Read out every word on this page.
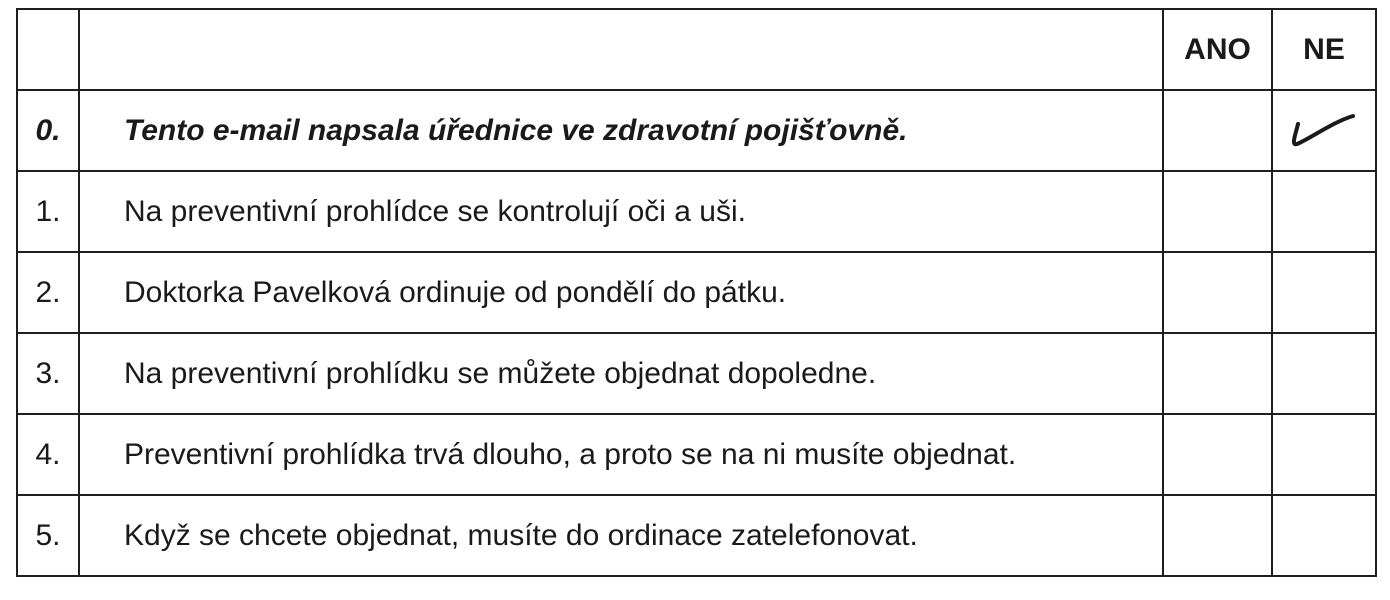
		ANO	NE
0.	Tento e-mail napsala úřednice ve zdravotní pojišťovně.		
1.	Na preventivní prohlídce se kontrolují oči a uši.		
2.	Doktorka Pavelková ordinuje od pondělí do pátku.		
3.	Na preventivní prohlídku se můžete objednat dopoledne.		
4.	Preventivní prohlídka trvá dlouho, a proto se na ni musíte objednat.		
5.	Když se chcete objednat, musíte do ordinace zatelefonovat.		
